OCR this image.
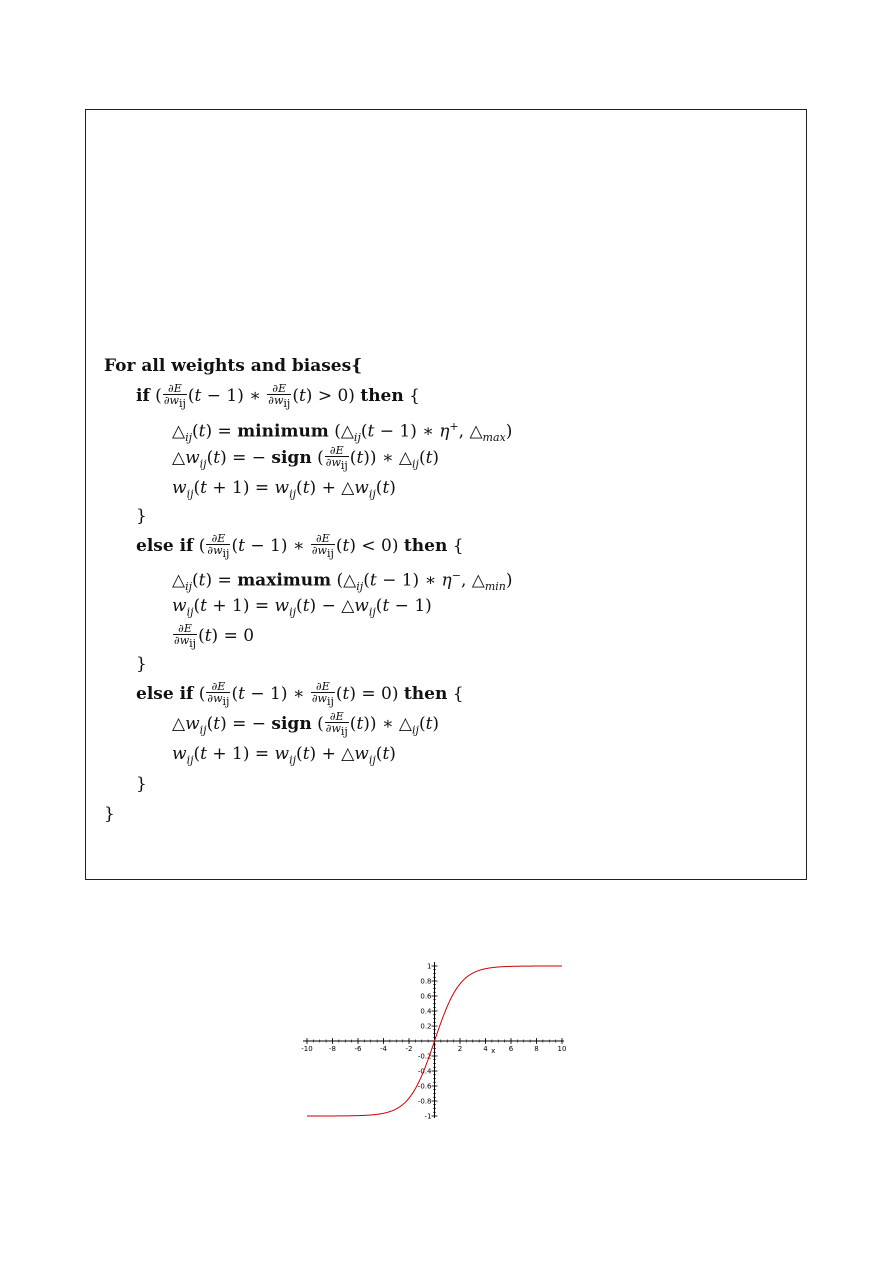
For all weights and biases{
if ( $\frac{\partial E}{\partial w_{ij}} (t - 1)$ ∗ $\frac{\partial E}{\partial w_{ij}} (t) > 0$) then {
$\triangle_{ij}(t)$ = minimum ($\triangle_{ij}(t - 1)$ ∗ η+, $\triangle_{max}$)
$\triangle w_{ij}(t)$ = − sign ( $\frac{\partial E}{\partial w_{ij}} (t)$) ∗ $\triangle_{ij}(t)$
$w_{ij}(t + 1) = w_{ij}(t)$ + $\triangle w_{ij}(t)$
}
else if ( $\frac{\partial E}{\partial w_{ij}} (t - 1)$ ∗ $\frac{\partial E}{\partial w_{ij}} (t) < 0$) then {
$\triangle_{ij}(t)$ = maximum ($\triangle_{ij}(t - 1)$ ∗ η−, $\triangle_{min}$)
$w_{ij}(t + 1) = w_{ij}(t)$ − $\triangle w_{ij}(t - 1)$
$\frac{\partial E}{\partial w_{ij}} (t) = 0$
}
else if ( $\frac{\partial E}{\partial w_{ij}} (t - 1)$ ∗ $\frac{\partial E}{\partial w_{ij}} (t) = 0$) then {
$\triangle w_{ij}(t)$ = − sign ( $\frac{\partial E}{\partial w_{ij}} (t)$) ∗ $\triangle_{ij}(t)$
$w_{ij}(t + 1) = w_{ij}(t)$ + $\triangle w_{ij}(t)$
}
}
-10 -8	-6	-4	-2	2	4	6	8	10
x
1
0.8
0.6
0.4
0.2
-0.2
-0.4
-0.6
-0.8
-1
